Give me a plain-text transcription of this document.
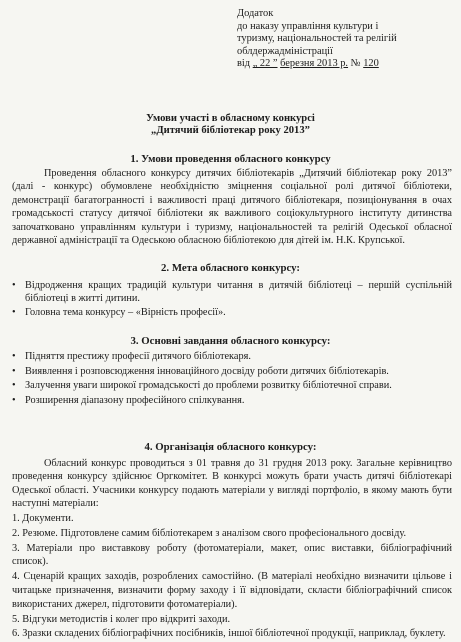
Додаток
до наказу управління культури і
туризму, національностей та релігій
облдержадміністрації
від „ 22 ” березня 2013 р. № 120
Умови участі в обласному конкурсі
„Дитячий бібліотекар року 2013”
1. Умови проведення обласного конкурсу
Проведення обласного конкурсу дитячих бібліотекарів „Дитячий бібліотекар року 2013” (далі - конкурс) обумовлене необхідністю зміцнення соціальної ролі дитячої бібліотеки, демонстрації багатогранності і важливості праці дитячого бібліотекаря, позиціонування в очах громадськості статусу дитячої бібліотеки як важливого соціокультурного інституту дитинства започатковано управлінням культури і туризму, національностей та релігій Одеської обласної державної адміністрації та Одеською обласною бібліотекою для дітей ім. Н.К. Крупської.
2. Мета обласного конкурсу:
• Відродження кращих традицій культури читання в дитячій бібліотеці – першій суспільній бібліотеці в житті дитини.
• Головна тема конкурсу – «Вірність професії».
3. Основні завдання обласного конкурсу:
• Підняття престижу професії дитячого бібліотекаря.
• Виявлення і розповсюдження інноваційного досвіду роботи дитячих бібліотекарів.
• Залучення уваги широкої громадськості до проблеми розвитку бібліотечної справи.
• Розширення діапазону професійного спілкування.
4. Організація обласного конкурсу:
Обласний конкурс проводиться з 01 травня до 31 грудня 2013 року. Загальне керівництво проведення конкурсу здійснює Оргкомітет. В конкурсі можуть брати участь дитячі бібліотекарі Одеської області. Учасники конкурсу подають матеріали у вигляді портфоліо, в якому мають бути наступні матеріали:
1. Документи.
2. Резюме. Підготовлене самим бібліотекарем з аналізом свого професіонального досвіду.
3. Матеріали про виставкову роботу (фотоматеріали, макет, опис виставки, бібліографічний список).
4. Сценарій кращих заходів, розроблених самостійно. (В матеріалі необхідно визначити цільове і читацьке призначення, визначити форму заходу і її відповідати, скласти бібліографічний список використаних джерел, підготовити фотоматеріали).
5. Відгуки методистів і колег про відкриті заходи.
6. Зразки складених бібліографічних посібників, іншої бібліотечної продукції, наприклад, буклету.
